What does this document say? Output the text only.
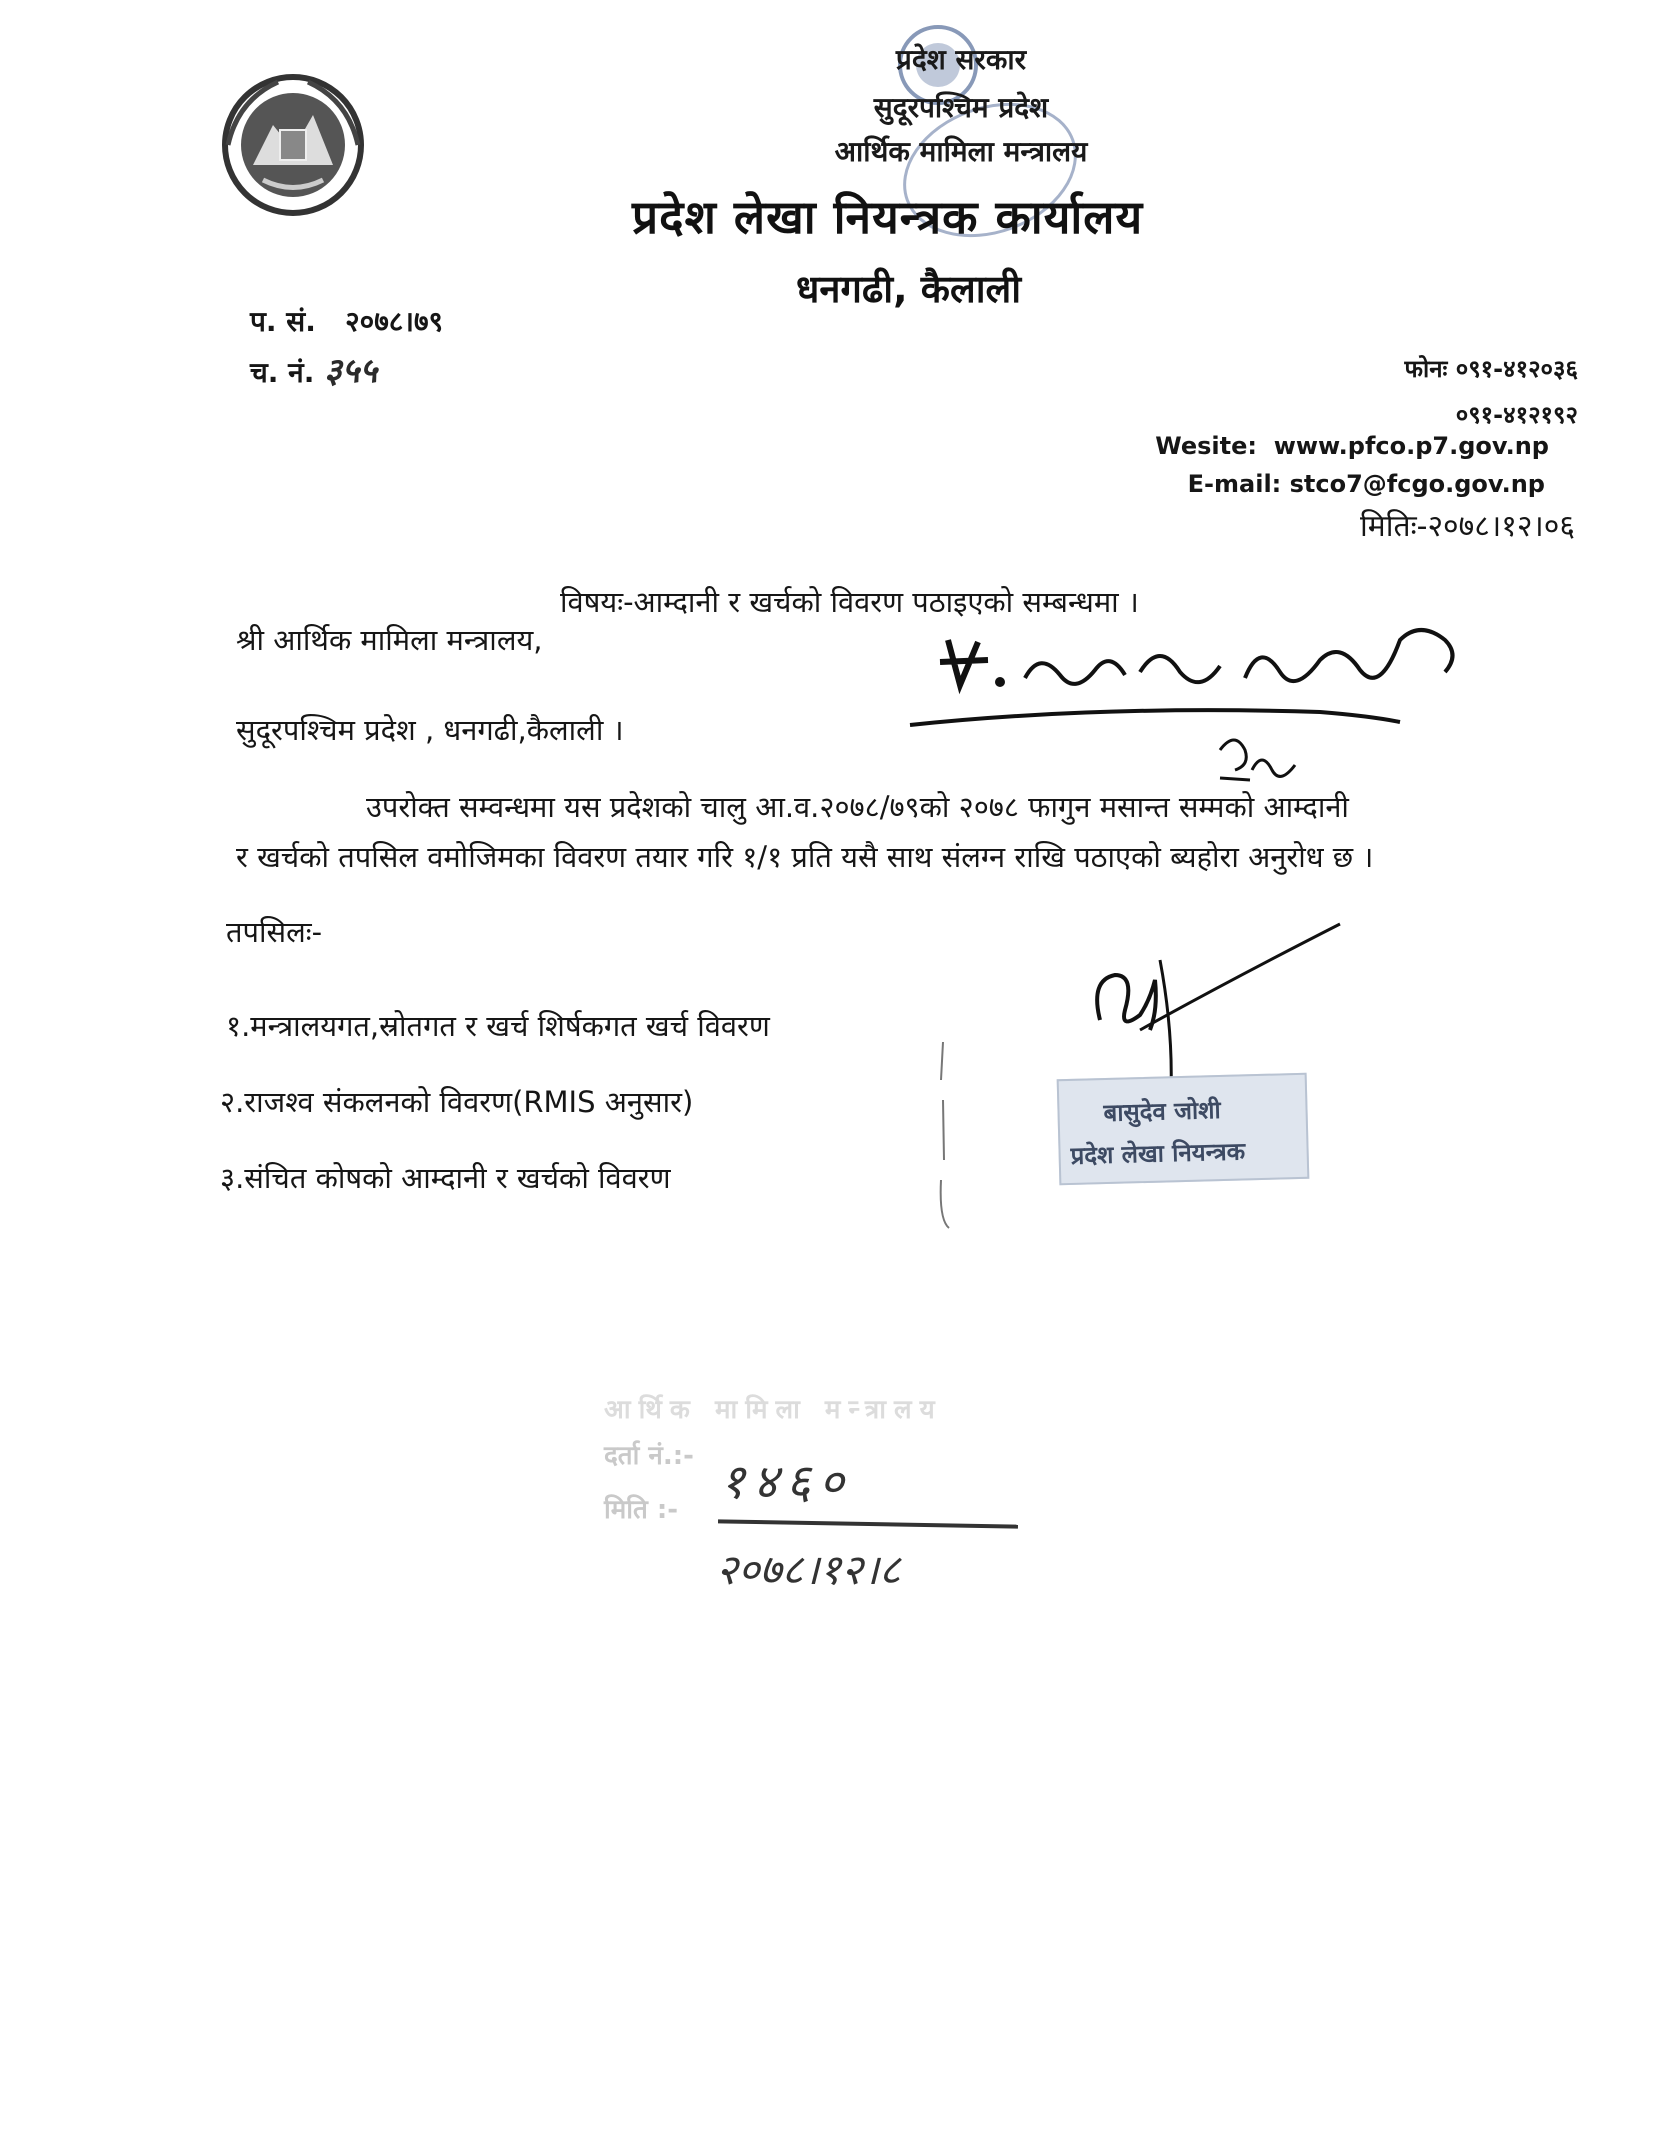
प्रदेश सरकार
सुदूरपश्चिम प्रदेश
आर्थिक मामिला मन्त्रालय
प्रदेश लेखा नियन्त्रक कार्यालय
धनगढी, कैलाली
प. सं. २०७८।७९
च. नं. ३५५	फोनः ०९१-४१२०३६
०९१-४१२१९२
Wesite: www.pfco.p7.gov.np
E-mail: stco7@fcgo.gov.np
मितिः-२०७८।१२।०६
विषयः-आम्दानी र खर्चको विवरण पठाइएको सम्बन्धमा ।
श्री आर्थिक मामिला मन्त्रालय,
सुदूरपश्चिम प्रदेश , धनगढी,कैलाली ।
उपरोक्त सम्वन्धमा यस प्रदेशको चालु आ.व.२०७८/७९को २०७८ फागुन मसान्त सम्मको आम्दानी
र खर्चको तपसिल वमोजिमका विवरण तयार गरि १/१ प्रति यसै साथ संलग्न राखि पठाएको ब्यहोरा अनुरोध छ ।
तपसिलः-
१.मन्त्रालयगत,स्रोतगत र खर्च शिर्षकगत खर्च विवरण
२.राजश्व संकलनको विवरण(RMIS अनुसार)
३.संचित कोषको आम्दानी र खर्चको विवरण
बासुदेव जोशी
प्रदेश लेखा नियन्त्रक
आर्थिक मामिला मन्त्रालय
दर्ता नं.:-
मिति :- १४६०
२०७८।१२।८
